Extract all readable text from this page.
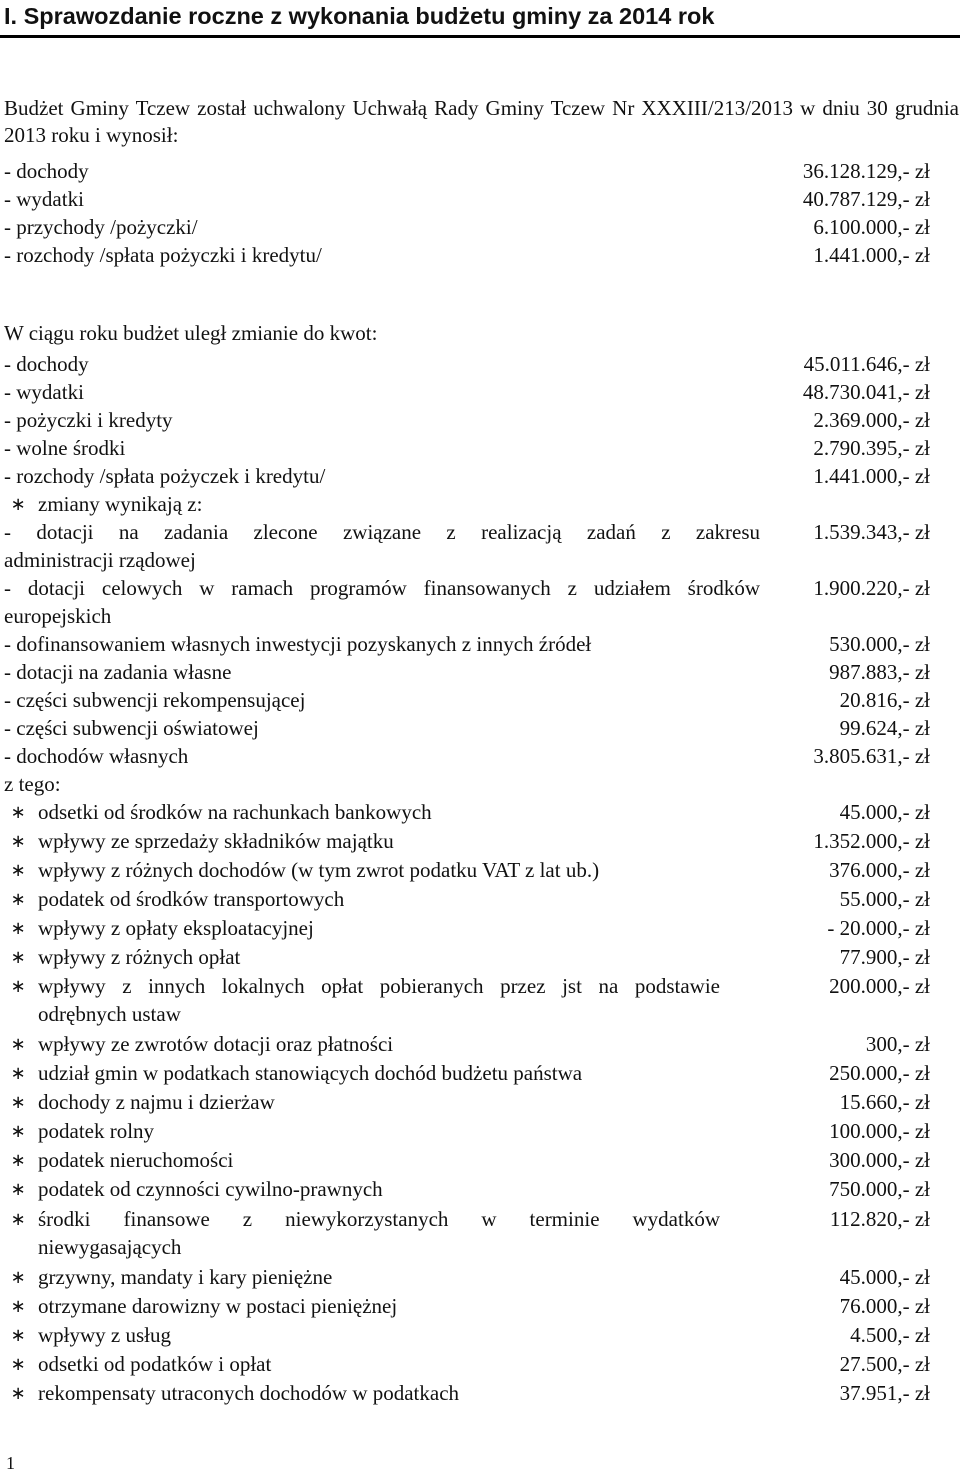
I. Sprawozdanie roczne z wykonania budżetu gminy za 2014 rok

Budżet Gminy Tczew został uchwalony Uchwałą Rady Gminy Tczew Nr XXXIII/213/2013 w dniu 30 grudnia 2013 roku i wynosił:

- dochody	36.128.129,- zł
- wydatki	40.787.129,- zł
- przychody /pożyczki/	6.100.000,- zł
- rozchody /spłata pożyczki i kredytu/	1.441.000,- zł
W ciągu roku budżet uległ zmianie do kwot:
- dochody	45.011.646,- zł
- wydatki	48.730.041,- zł
- pożyczki i kredyty	2.369.000,- zł
- wolne środki	2.790.395,- zł
- rozchody /spłata pożyczek i kredytu/	1.441.000,- zł
∗ zmiany wynikają z:
- dotacji na zadania zlecone związane z realizacją zadań z zakresu	1.539.343,- zł
administracji rządowej
- dotacji celowych w ramach programów finansowanych z udziałem środków	1.900.220,- zł
europejskich
- dofinansowaniem własnych inwestycji pozyskanych z innych źródeł	530.000,- zł
- dotacji na zadania własne	987.883,- zł
- części subwencji rekompensującej	20.816,- zł
- części subwencji oświatowej	99.624,- zł
- dochodów własnych	3.805.631,- zł
z tego:
∗ odsetki od środków na rachunkach bankowych	45.000,- zł
∗ wpływy ze sprzedaży składników majątku	1.352.000,- zł
∗ wpływy z różnych dochodów (w tym zwrot podatku VAT z lat ub.)	376.000,- zł
∗ podatek od środków transportowych	55.000,- zł
∗ wpływy z opłaty eksploatacyjnej	- 20.000,- zł
∗ wpływy z różnych opłat	77.900,- zł
∗ wpływy z innych lokalnych opłat pobieranych przez jst na podstawie	200.000,- zł
odrębnych ustaw
∗ wpływy ze zwrotów dotacji oraz płatności	300,- zł
∗ udział gmin w podatkach stanowiących dochód budżetu państwa	250.000,- zł
∗ dochody z najmu i dzierżaw	15.660,- zł
∗ podatek rolny	100.000,- zł
∗ podatek nieruchomości	300.000,- zł
∗ podatek od czynności cywilno-prawnych	750.000,- zł
∗ środki finansowe z niewykorzystanych w terminie wydatków	112.820,- zł
niewygasających
∗ grzywny, mandaty i kary pieniężne	45.000,- zł
∗ otrzymane darowizny w postaci pieniężnej	76.000,- zł
∗ wpływy z usług	4.500,- zł
∗ odsetki od podatków i opłat	27.500,- zł
∗ rekompensaty utraconych dochodów w podatkach	37.951,- zł
1
